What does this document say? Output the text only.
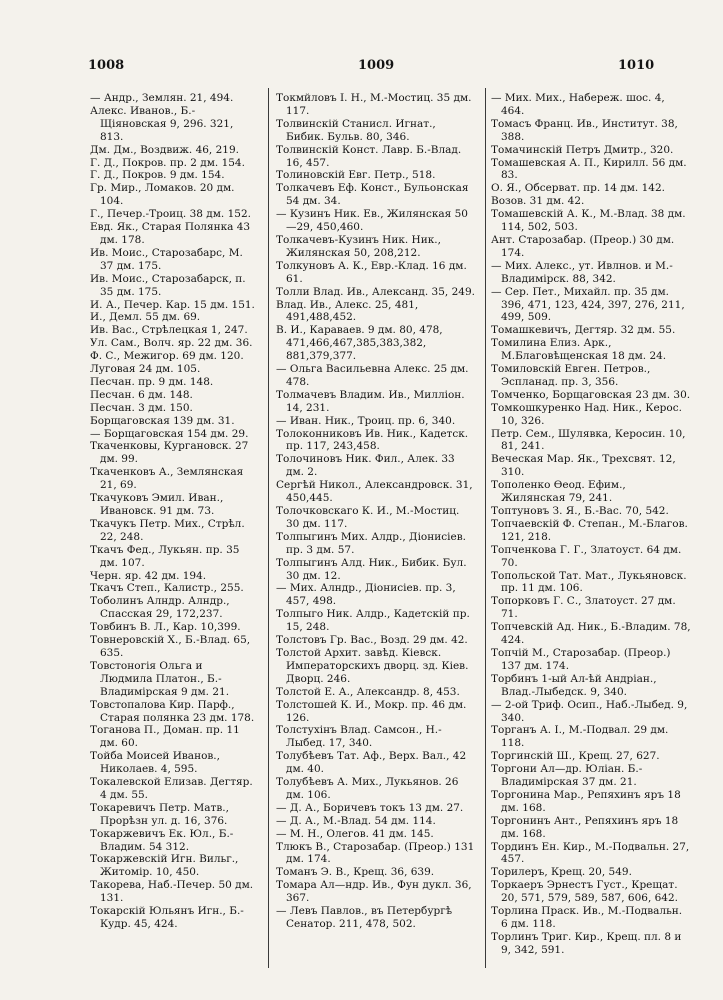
1008	1009	1010

— Андр., Землян. 21, 494.

Алекс. Иванов., Б.-Щіяновская 9, 296. 321, 813.

Дм. Дм., Воздвиж. 46, 219.

Г. Д., Покров. пр. 2 дм. 154.

Г. Д., Покров. 9 дм. 154.

Гр. Мир., Ломаков. 20 дм. 104.

Г., Печер.-Троиц. 38 дм. 152.

Евд. Як., Старая Полянка 43 дм. 178.

Ив. Моис., Старозабарс, М. 37 дм. 175.

Ив. Моис., Старозабарск, п. 35 дм. 175.

И. А., Печер. Кар. 15 дм. 151.

И., Демл. 55 дм. 69.

Ив. Вас., Стрѣлецкая 1, 247.

Ул. Сам., Волч. яр. 22 дм. 36.

Ф. С., Межигор. 69 дм. 120.

Луговая 24 дм. 105.

Песчан. пр. 9 дм. 148.

Песчан. 6 дм. 148.

Песчан. 3 дм. 150.

Борщаговская 139 дм. 31.

— Борщаговская 154 дм. 29.

Ткаченковы, Кургановск. 27 дм. 99.

Ткаченковъ А., Землянская 21, 69.

Ткачуковъ Эмил. Иван., Ивановск. 91 дм. 73.

Ткачукъ Петр. Мих., Стрѣл. 22, 248.

Ткачъ Фед., Лукьян. пр. 35 дм. 107.

Черн. яр. 42 дм. 194.

Ткачъ Степ., Калистр., 255.

Тоболинъ Алндр. Алндр., Спасская 29, 172,237.

Товбинъ В. Л., Кар. 10,399.

Товнеровскій X., Б.-Влад. 65, 635.

Товстоногія Ольга и Людмила Платон., Б.-Владимірская 9 дм. 21.

Товстопалова Кир. Парф., Старая полянка 23 дм. 178.

Тоганова П., Доман. пр. 11 дм. 60.

Тойба Моисей Иванов., Николаев. 4, 595.

Токалевской Елизав. Дегтяр. 4 дм. 55.

Токаревичъ Петр. Матв., Прорѣзн ул. д. 16, 376.

Токаржевичъ Ек. Юл., Б.-Владим. 54 312.

Токаржевскій Игн. Вильг., Житомір. 10, 450.

Такорева, Наб.-Печер. 50 дм. 131.

Токарскій Юльянъ Игн., Б.-Кудр. 45, 424.

Токмйловъ I. Н., М.-Мостиц. 35 дм. 117.

Толвинскій Станисл. Игнат., Бибик. Бульв. 80, 346.

Толвинскій Конст. Лавр. Б.-Влад. 16, 457.

Толиновскій Евг. Петр., 518.

Толкачевъ Еф. Конст., Бульонская 54 дм. 34.

— Кузинъ Ник. Ев., Жилянская 50—29, 450,460.

Толкачевъ-Кузинъ Ник. Ник., Жилянская 50, 208,212.

Толкуновъ А. К., Евр.-Клад. 16 дм. 61.

Толли Влад. Ив., Александ. 35, 249.

Влад. Ив., Алекс. 25, 481, 491,488,452.

В. И., Караваев. 9 дм. 80, 478, 471,466,467,385,383,382, 881,379,377.

— Ольга Васильевна Алекс. 25 дм. 478.

Толмачевъ Владим. Ив., Милліон. 14, 231.

— Иван. Ник., Троиц. пр. 6, 340.

Толоконниковъ Ив. Ник., Кадетск. пр. 117, 243,458.

Толочиновъ Ник. Фил., Алек. 33 дм. 2.

Сергѣй Никол., Александровск. 31, 450,445.

Толочковскаго К. И., М.-Мостиц. 30 дм. 117.

Толпыгинъ Мих. Алдр., Діонисіев. пр. 3 дм. 57.

Толпыгинъ Алд. Ник., Бибик. Бул. 30 дм. 12.

— Мих. Алндр., Діонисіев. пр. 3, 457, 498.

Толпыго Ник. Алдр., Кадетскій пр. 15, 248.

Толстовъ Гр. Вас., Возд. 29 дм. 42.

Толстой Архит. завѣд. Кіевск. Императорскихъ дворц. зд. Кіев. Дворц. 246.

Толстой Е. А., Александр. 8, 453.

Толстошей К. И., Мокр. пр. 46 дм. 126.

Толстухінъ Влад. Самсон., Н.-Лыбед. 17, 340.

Толубѣевъ Тат. Аф., Верх. Вал., 42 дм. 40.

Толубѣевъ А. Мих., Лукьянов. 26 дм. 106.

— Д. А., Боричевъ токъ 13 дм. 27.

— Д. А., М.-Влад. 54 дм. 114.

— М. Н., Олегов. 41 дм. 145.

Тлюкъ В., Старозабар. (Преор.) 131 дм. 174.

Томанъ Э. В., Крещ. 36, 639.

Томара Ал—ндр. Ив., Фун дукл. 36, 367.

— Левъ Павлов., въ Петербургѣ Сенатор. 211, 478, 502.

— Мих. Мих., Набереж. шос. 4, 464.

Томасъ Франц. Ив., Институт. 38, 388.

Томачинскій Петръ Дмитр., 320.

Томашевская А. П., Кирилл. 56 дм. 83.

О. Я., Обсерват. пр. 14 дм. 142.

Возов. 31 дм. 42.

Томашевскій А. К., М.-Влад. 38 дм. 114, 502, 503.

Ант. Старозабар. (Преор.) 30 дм. 174.

— Мих. Алекс., ут. Ивлнов. и М.-Владимірск. 88, 342.

— Сер. Пет., Михайл. пр. 35 дм. 396, 471, 123, 424, 397, 276, 211, 499, 509.

Томашкевичъ, Дегтяр. 32 дм. 55.

Томилина Елиз. Арк., М.Благовѣщенская 18 дм. 24.

Томиловскій Евген. Петров., Эспланад. пр. 3, 356.

Томченко, Борщаговская 23 дм. 30.

Томкошкуренко Над. Ник., Керос. 10, 326.

Петр. Сем., Шулявка, Керосин. 10, 81, 241.

Веческая Мар. Як., Трехсвят. 12, 310.

Тополенко Ѳеод. Ефим., Жилянская 79, 241.

Топтуновъ З. Я., Б.-Вас. 70, 542.

Топчаевскій Ф. Степан., М.-Благов. 121, 218.

Топченкова Г. Г., Златоуст. 64 дм. 70.

Топольской Тат. Мат., Лукьяновск. пр. 11 дм. 106.

Топорковъ Г. С., Златоуст. 27 дм. 71.

Топчевскій Ад. Ник., Б.-Владим. 78, 424.

Топчій М., Старозабар. (Преор.) 137 дм. 174.

Торбинъ 1-ый Ал-ѣй Андріан., Влад.-Лыбедск. 9, 340.

— 2-ой Триф. Осип., Наб.-Лыбед. 9, 340.

Торганъ А. I., М.-Подвал. 29 дм. 118.

Торгинскій Ш., Крещ. 27, 627.

Торгони Ал—др. Юліан. Б.-Владимірская 37 дм. 21.

Торгонина Мар., Репяхинъ яръ 18 дм. 168.

Торгонинъ Ант., Репяхинъ яръ 18 дм. 168.

Тординъ Ен. Кир., М.-Подвальн. 27, 457.

Торилеръ, Крещ. 20, 549.

Торкаеръ Эрнестъ Густ., Крещат. 20, 571, 579, 589, 587, 606, 642.

Торлина Праск. Ив., М.-Подвальн. 6 дм. 118.

Торлинъ Триг. Кир., Крещ. пл. 8 и 9, 342, 591.
